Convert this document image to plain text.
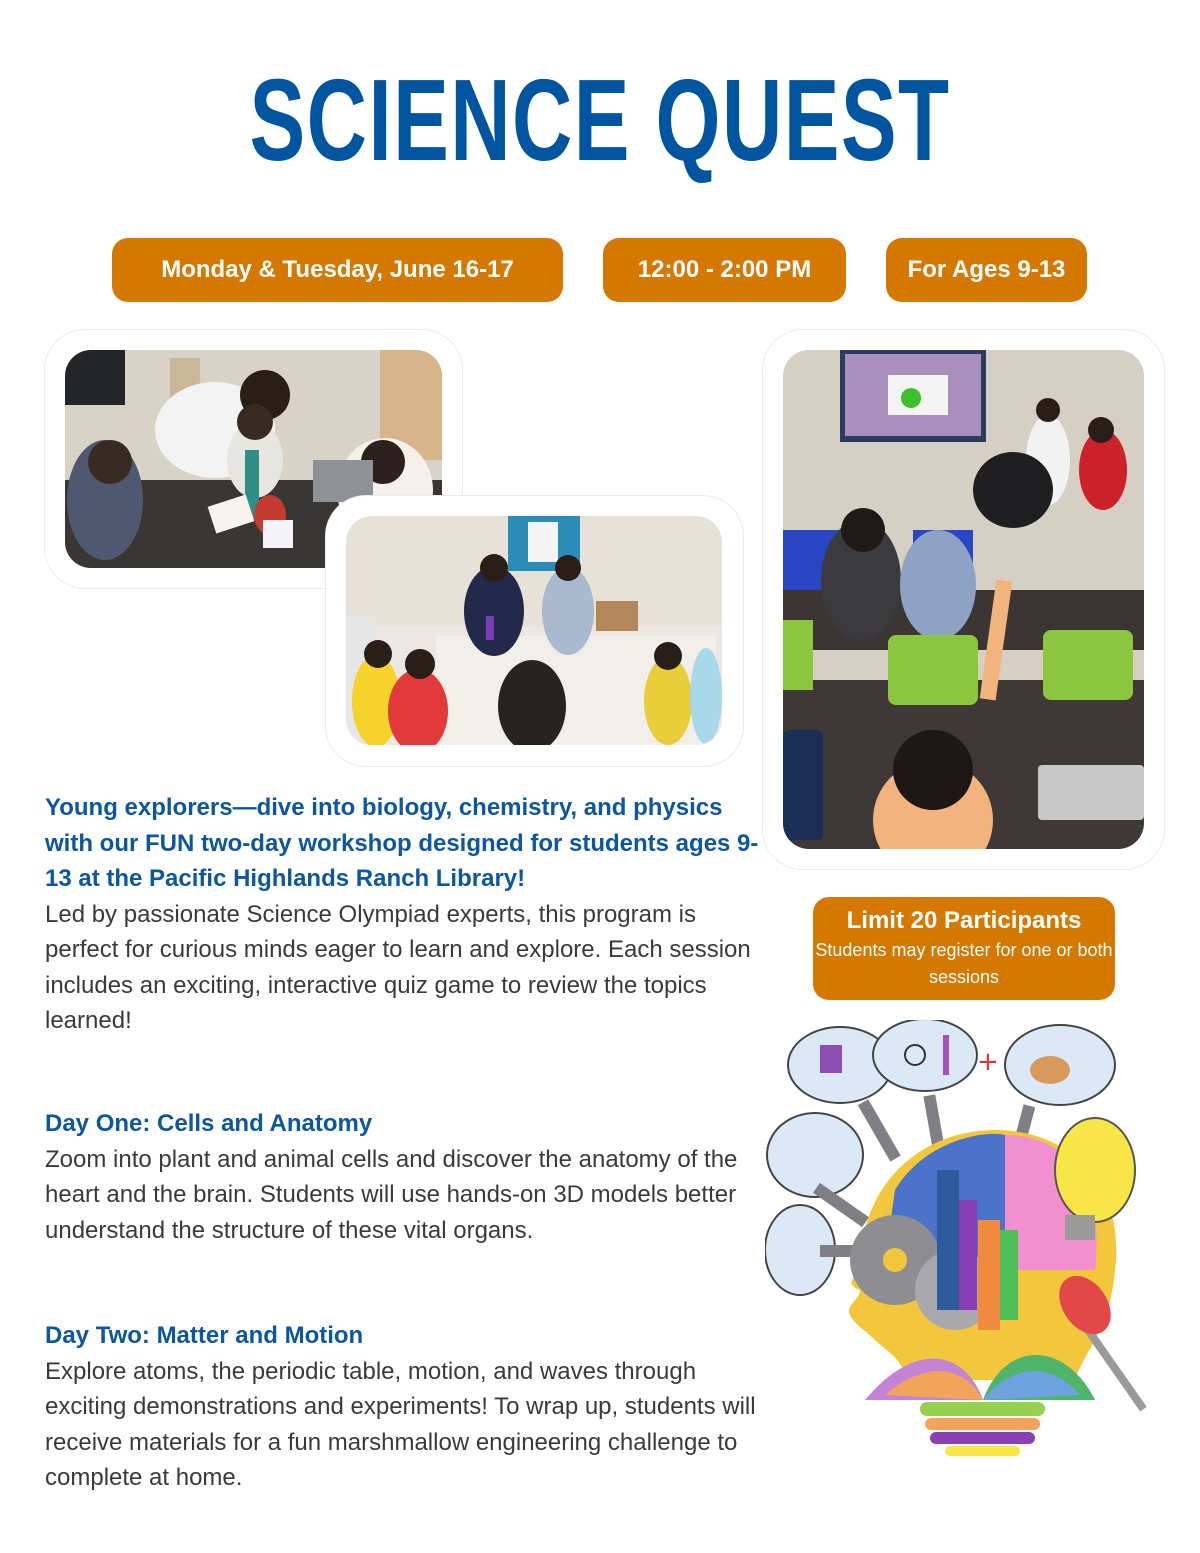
SCIENCE QUEST
Monday & Tuesday, June 16-17	12:00 - 2:00 PM	For Ages 9-13
Young explorers—dive into biology, chemistry, and physics with our FUN two-day workshop designed for students ages 9-13 at the Pacific Highlands Ranch Library!
Led by passionate Science Olympiad experts, this program is perfect for curious minds eager to learn and explore. Each session includes an exciting, interactive quiz game to review the topics learned!
Day One: Cells and Anatomy
Zoom into plant and animal cells and discover the anatomy of the heart and the brain. Students will use hands-on 3D models better understand the structure of these vital organs.
Day Two: Matter and Motion
Explore atoms, the periodic table, motion, and waves through exciting demonstrations and experiments! To wrap up, students will receive materials for a fun marshmallow engineering challenge to complete at home.
Limit 20 Participants
Students may register for one or both sessions
+
